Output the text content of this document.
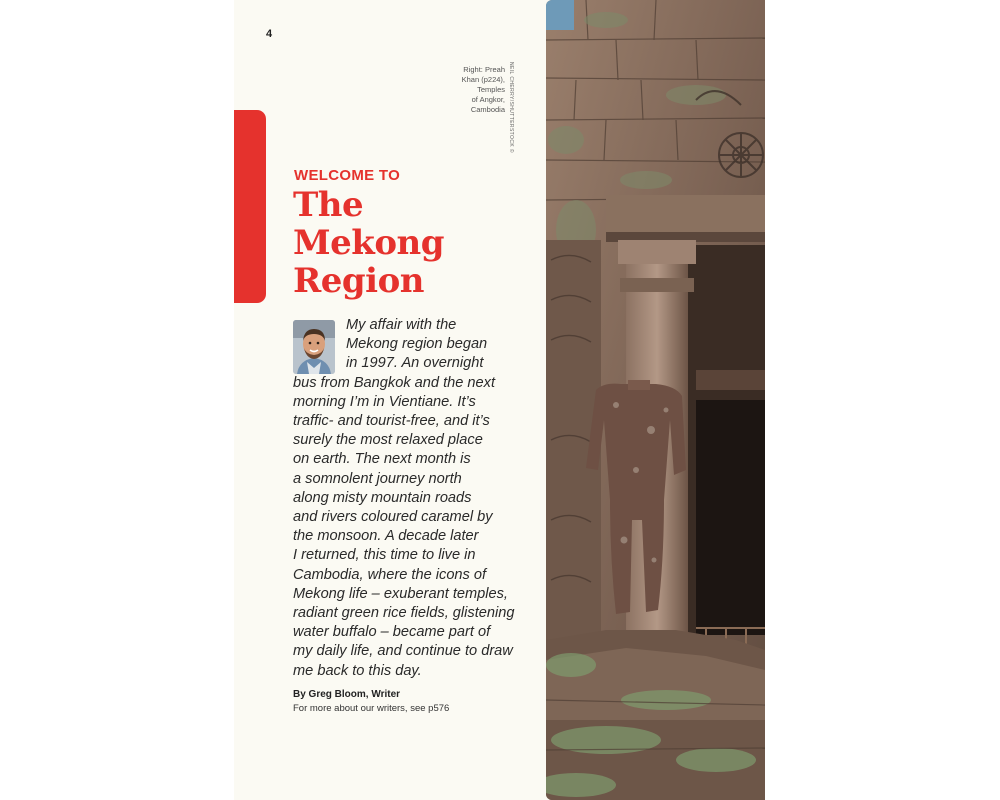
4
Right: Preah
Khan (p224),
Temples
of Angkor,
Cambodia NEIL CHERRY/SHUTTERSTOCK ©
WELCOME TO
The
Mekong
Region
My affair with the
Mekong region began
in 1997. An overnight
bus from Bangkok and the next
morning I’m in Vientiane. It’s
traffic- and tourist-free, and it’s
surely the most relaxed place
on earth. The next month is
a somnolent journey north
along misty mountain roads
and rivers coloured caramel by
the monsoon. A decade later
I returned, this time to live in
Cambodia, where the icons of
Mekong life – exuberant temples,
radiant green rice fields, glistening
water buffalo – became part of
my daily life, and continue to draw
me back to this day.
By Greg Bloom, Writer
For more about our writers, see p576
